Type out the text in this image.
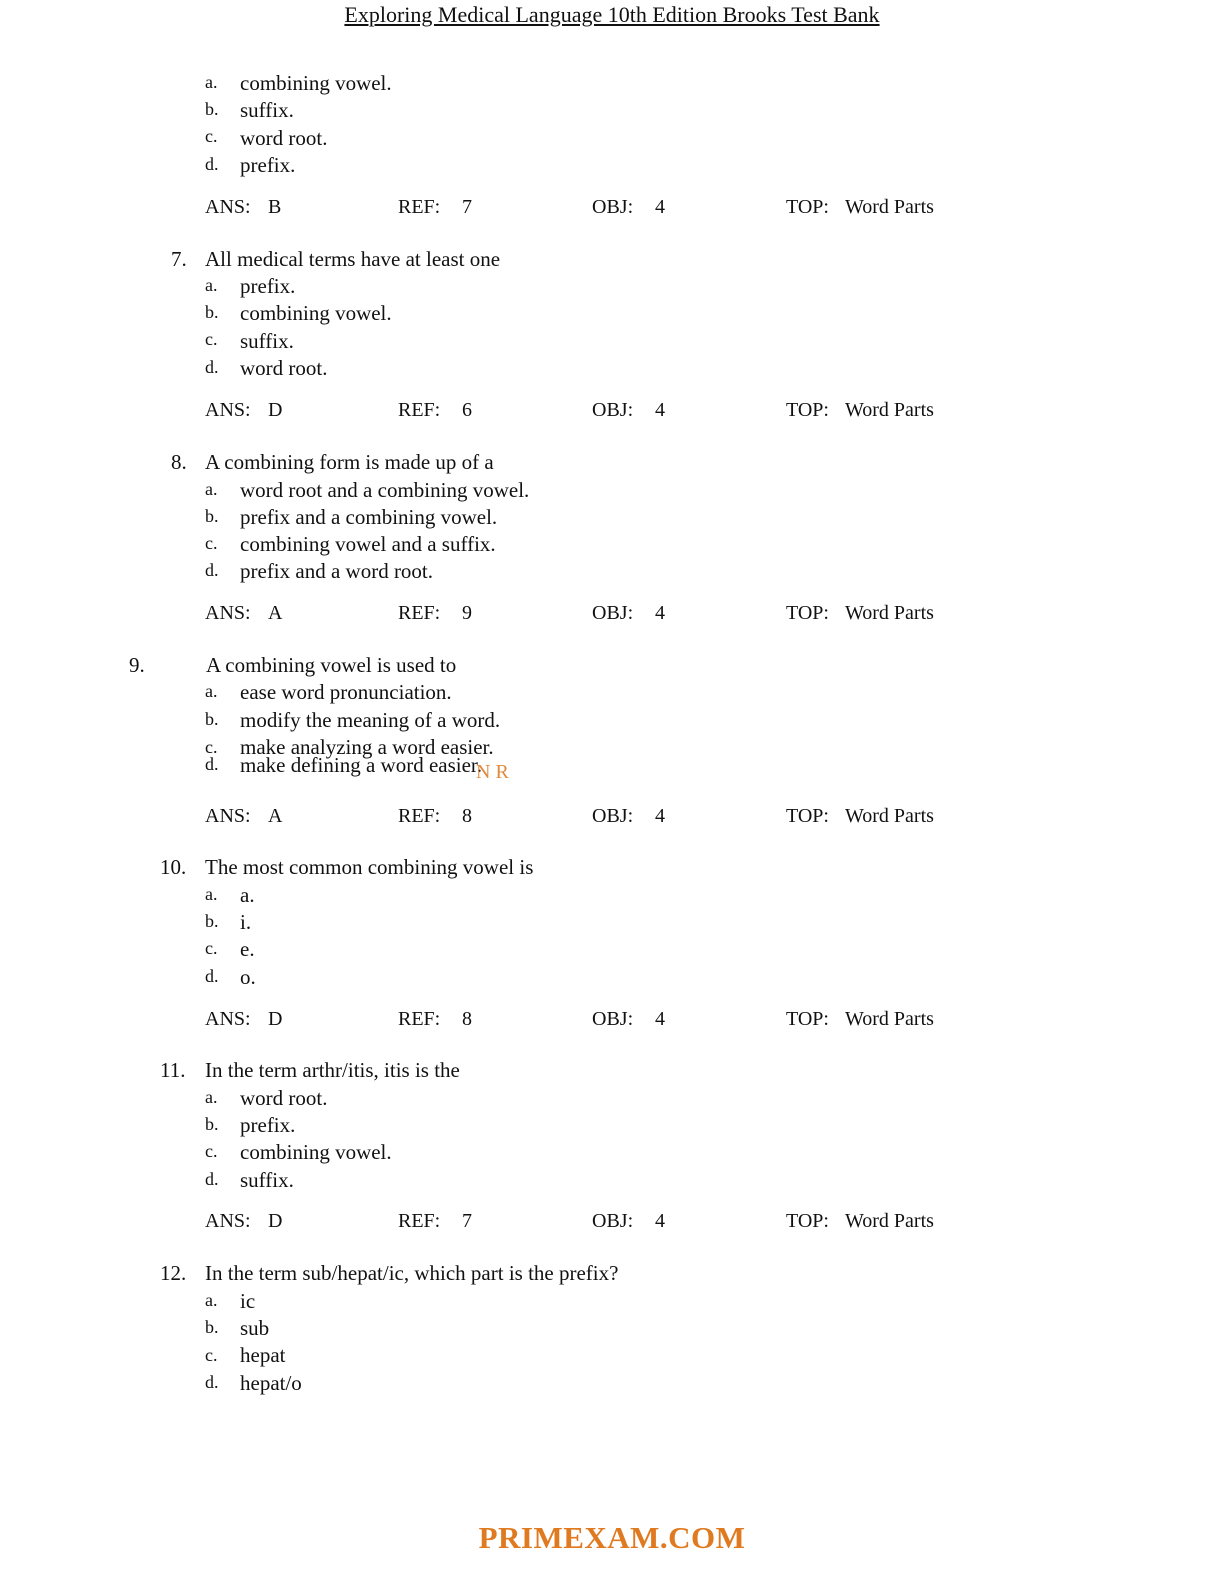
Exploring Medical Language 10th Edition Brooks Test Bank
a. combining vowel.
b. suffix.
c. word root.
d. prefix.
ANS: B	REF: 7	OBJ: 4	TOP: Word Parts
7. All medical terms have at least one
a. prefix.
b. combining vowel.
c. suffix.
d. word root.
ANS: D	REF: 6	OBJ: 4	TOP: Word Parts
8. A combining form is made up of a
a. word root and a combining vowel.
b. prefix and a combining vowel.
c. combining vowel and a suffix.
d. prefix and a word root.
ANS: A	REF: 9	OBJ: 4	TOP: Word Parts
9.	A combining vowel is used to
a. ease word pronunciation.
b. modify the meaning of a word.
c. make analyzing a word easier.
d. make defining a word easier.
N R
ANS: A	REF: 8	OBJ: 4	TOP: Word Parts
10. The most common combining vowel is
a. a.
b. i.
c. e.
d. o.
ANS: D	REF: 8	OBJ: 4	TOP: Word Parts
11. In the term arthr/itis, itis is the
a. word root.
b. prefix.
c. combining vowel.
d. suffix.
ANS: D	REF: 7	OBJ: 4	TOP: Word Parts
12. In the term sub/hepat/ic, which part is the prefix?
a. ic
b. sub
c. hepat
d. hepat/o
PRIMEXAM.COM
